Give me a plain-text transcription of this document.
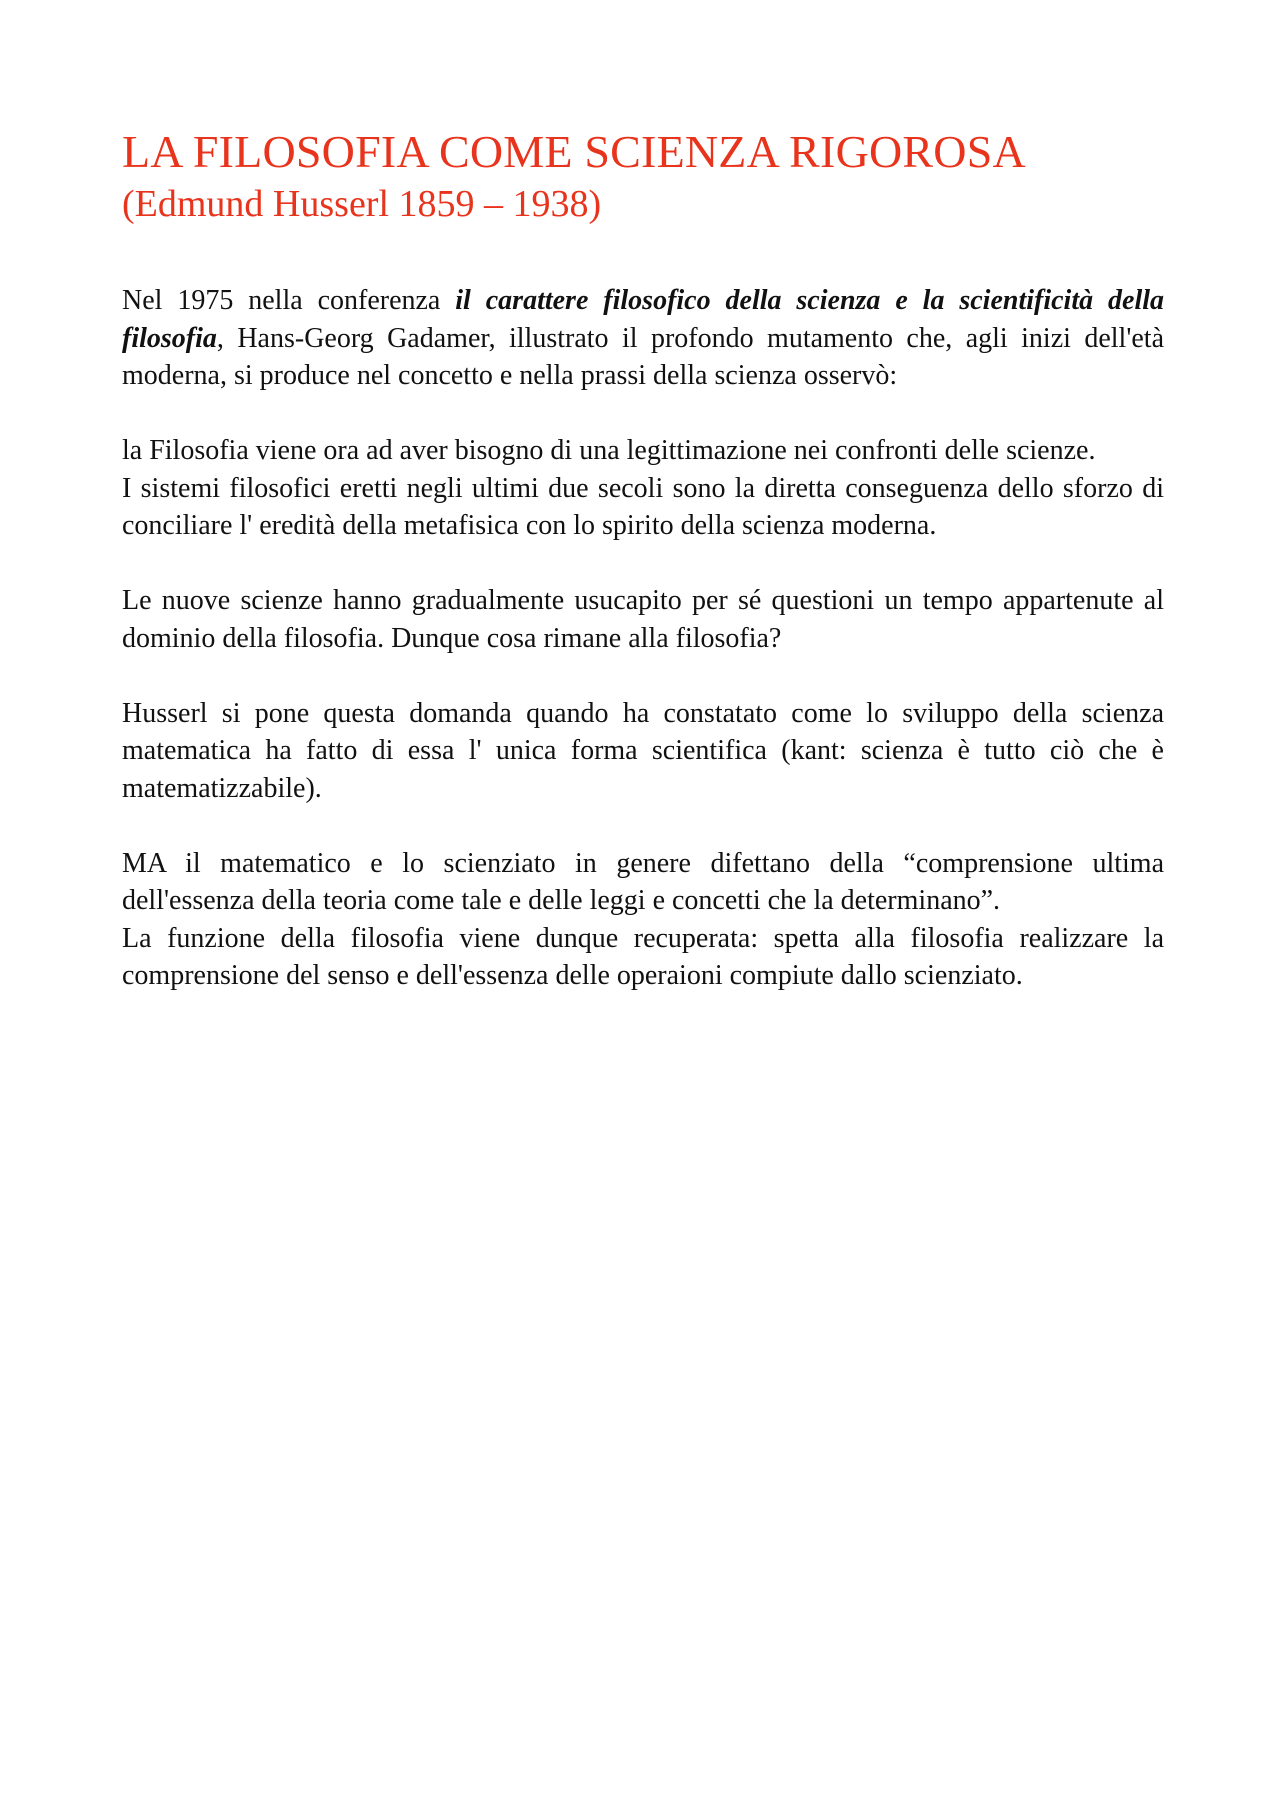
LA FILOSOFIA COME SCIENZA RIGOROSA
(Edmund Husserl 1859 – 1938)

Nel 1975 nella conferenza il carattere filosofico della scienza e la scientificità della filosofia, Hans-Georg Gadamer, illustrato il profondo mutamento che, agli inizi dell'età moderna, si produce nel concetto e nella prassi della scienza osservò:

la Filosofia viene ora ad aver bisogno di una legittimazione nei confronti delle scienze.

I sistemi filosofici eretti negli ultimi due secoli sono la diretta conseguenza dello sforzo di conciliare l' eredità della metafisica con lo spirito della scienza moderna.

Le nuove scienze hanno gradualmente usucapito per sé questioni un tempo appartenute al dominio della filosofia. Dunque cosa rimane alla filosofia?

Husserl si pone questa domanda quando ha constatato come lo sviluppo della scienza matematica ha fatto di essa l' unica forma scientifica (kant: scienza è tutto ciò che è matematizzabile).

MA il matematico e lo scienziato in genere difettano della “comprensione ultima dell'essenza della teoria come tale e delle leggi e concetti che la determinano”.

La funzione della filosofia viene dunque recuperata: spetta alla filosofia realizzare la comprensione del senso e dell'essenza delle operaioni compiute dallo scienziato.
